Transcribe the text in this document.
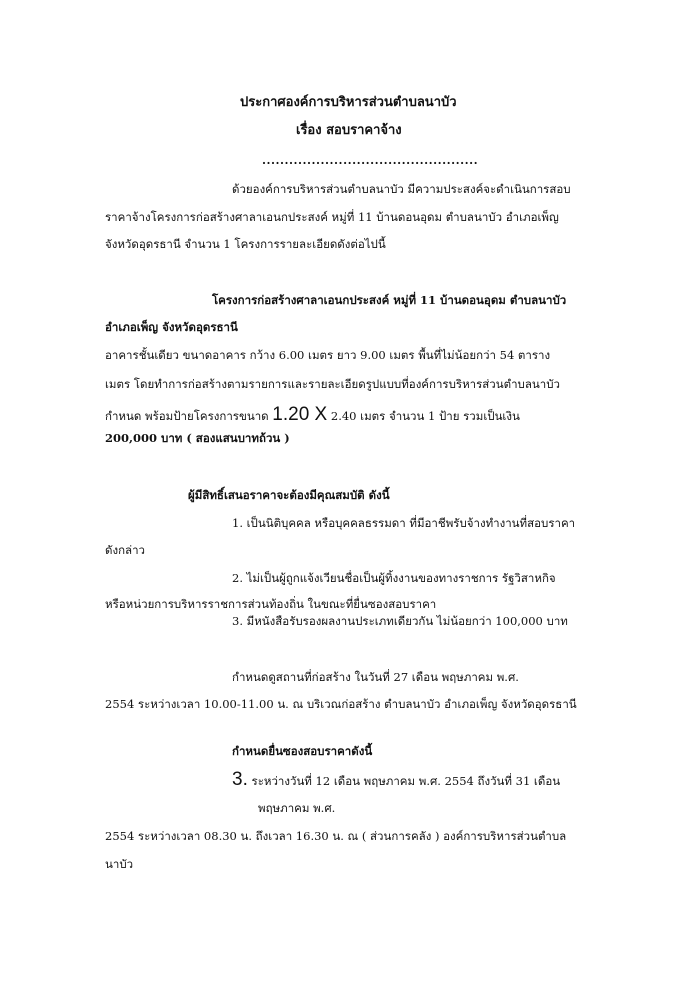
ประกาศองค์การบริหารส่วนตำบลนาบัว
เรื่อง สอบราคาจ้าง
................................................
ด้วยองค์การบริหารส่วนตำบลนาบัว มีความประสงค์จะดำเนินการสอบ
ราคาจ้างโครงการก่อสร้างศาลาเอนกประสงค์ หมู่ที่ 11 บ้านดอนอุดม ตำบลนาบัว อำเภอเพ็ญ
จังหวัดอุดรธานี จำนวน 1 โครงการรายละเอียดดังต่อไปนี้
โครงการก่อสร้างศาลาเอนกประสงค์ หมู่ที่ 11 บ้านดอนอุดม ตำบลนาบัว
อำเภอเพ็ญ จังหวัดอุดรธานี
อาคารชั้นเดียว ขนาดอาคาร กว้าง 6.00 เมตร ยาว 9.00 เมตร พื้นที่ไม่น้อยกว่า 54 ตาราง
เมตร โดยทำการก่อสร้างตามรายการและรายละเอียดรูปแบบที่องค์การบริหารส่วนตำบลนาบัว
กำหนด พร้อมป้ายโครงการขนาด 1.20 X 2.40 เมตร จำนวน 1 ป้าย รวมเป็นเงิน
200,000 บาท ( สองแสนบาทถ้วน )
ผู้มีสิทธิ์เสนอราคาจะต้องมีคุณสมบัติ ดังนี้
1. เป็นนิติบุคคล หรือบุคคลธรรมดา ที่มีอาชีพรับจ้างทำงานที่สอบราคา
ดังกล่าว
2. ไม่เป็นผู้ถูกแจ้งเวียนชื่อเป็นผู้ทิ้งงานของทางราชการ รัฐวิสาหกิจ
หรือหน่วยการบริหารราชการส่วนท้องถิ่น ในขณะที่ยื่นซองสอบราคา
3. มีหนังสือรับรองผลงานประเภทเดียวกัน ไม่น้อยกว่า 100,000 บาท
กำหนดดูสถานที่ก่อสร้าง ในวันที่ 27 เดือน พฤษภาคม พ.ศ.
2554 ระหว่างเวลา 10.00-11.00 น. ณ บริเวณก่อสร้าง ตำบลนาบัว อำเภอเพ็ญ จังหวัดอุดรธานี
กำหนดยื่นซองสอบราคาดังนี้
3. ระหว่างวันที่ 12 เดือน พฤษภาคม พ.ศ. 2554 ถึงวันที่ 31 เดือน
พฤษภาคม พ.ศ.
2554 ระหว่างเวลา 08.30 น. ถึงเวลา 16.30 น. ณ ( ส่วนการคลัง ) องค์การบริหารส่วนตำบล
นาบัว
